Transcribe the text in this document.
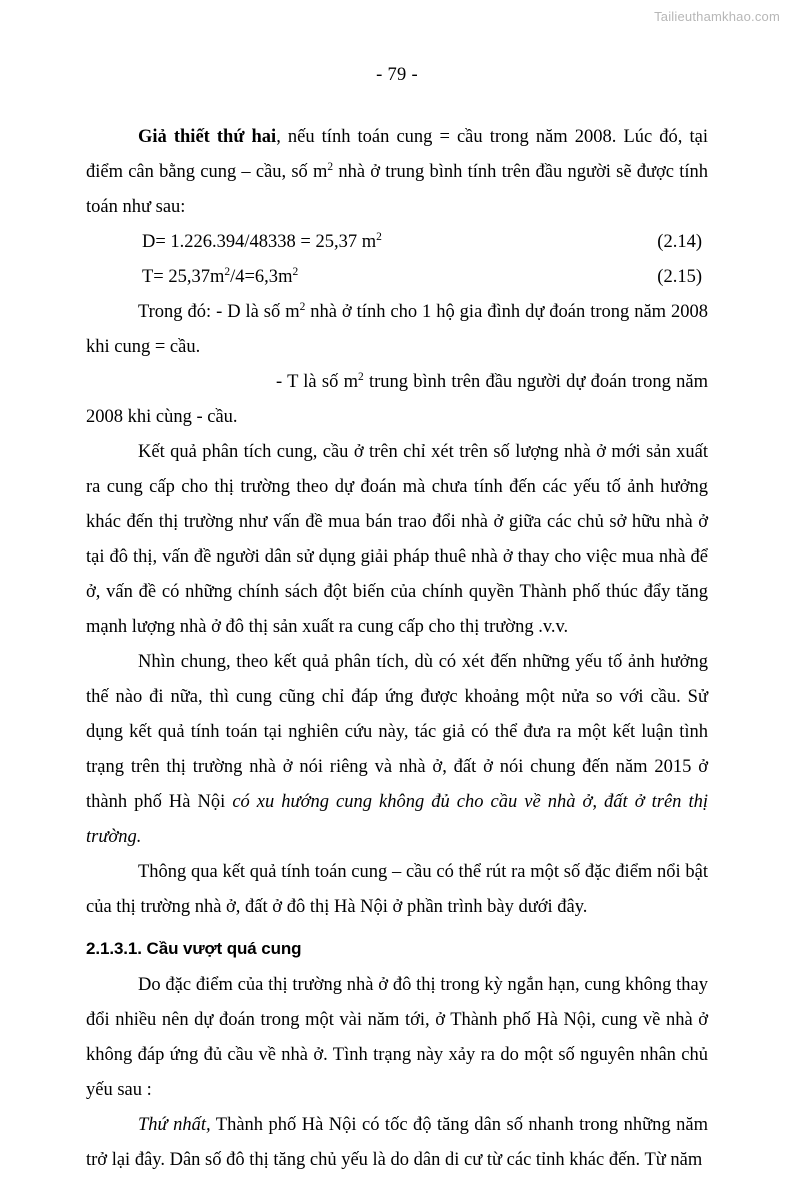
Tailieuthamkhao.com
- 79 -

Giả thiết thứ hai, nếu tính toán cung = cầu trong năm 2008. Lúc đó, tại điểm cân bằng cung – cầu, số $m^2$ nhà ở trung bình tính trên đầu người sẽ được tính toán như sau:

D= 1.226.394/48338 = 25,37 $m^2$	(2.14)
$T= 25,37m^2/4=6,3m^2$	(2.15)

Trong đó: - D là số $m^2$ nhà ở tính cho 1 hộ gia đình dự đoán trong năm 2008 khi cung = cầu.

- T là số $m^2$ trung bình trên đầu người dự đoán trong năm 2008 khi cùng - cầu.

Kết quả phân tích cung, cầu ở trên chỉ xét trên số lượng nhà ở mới sản xuất ra cung cấp cho thị trường theo dự đoán mà chưa tính đến các yếu tố ảnh hưởng khác đến thị trường như vấn đề mua bán trao đổi nhà ở giữa các chủ sở hữu nhà ở tại đô thị, vấn đề người dân sử dụng giải pháp thuê nhà ở thay cho việc mua nhà để ở, vấn đề có những chính sách đột biến của chính quyền Thành phố thúc đẩy tăng mạnh lượng nhà ở đô thị sản xuất ra cung cấp cho thị trường .v.v.

Nhìn chung, theo kết quả phân tích, dù có xét đến những yếu tố ảnh hưởng thế nào đi nữa, thì cung cũng chỉ đáp ứng được khoảng một nửa so với cầu. Sử dụng kết quả tính toán tại nghiên cứu này, tác giả có thể đưa ra một kết luận tình trạng trên thị trường nhà ở nói riêng và nhà ở, đất ở nói chung đến năm 2015 ở thành phố Hà Nội có xu hướng cung không đủ cho cầu về nhà ở, đất ở trên thị trường.

Thông qua kết quả tính toán cung – cầu có thể rút ra một số đặc điểm nổi bật của thị trường nhà ở, đất ở đô thị Hà Nội ở phần trình bày dưới đây.

2.1.3.1. Cầu vượt quá cung

Do đặc điểm của thị trường nhà ở đô thị trong kỳ ngắn hạn, cung không thay đổi nhiều nên dự đoán trong một vài năm tới, ở Thành phố Hà Nội, cung về nhà ở không đáp ứng đủ cầu về nhà ở. Tình trạng này xảy ra do một số nguyên nhân chủ yếu sau :

Thứ nhất, Thành phố Hà Nội có tốc độ tăng dân số nhanh trong những năm trở lại đây. Dân số đô thị tăng chủ yếu là do dân di cư từ các tỉnh khác đến. Từ năm
